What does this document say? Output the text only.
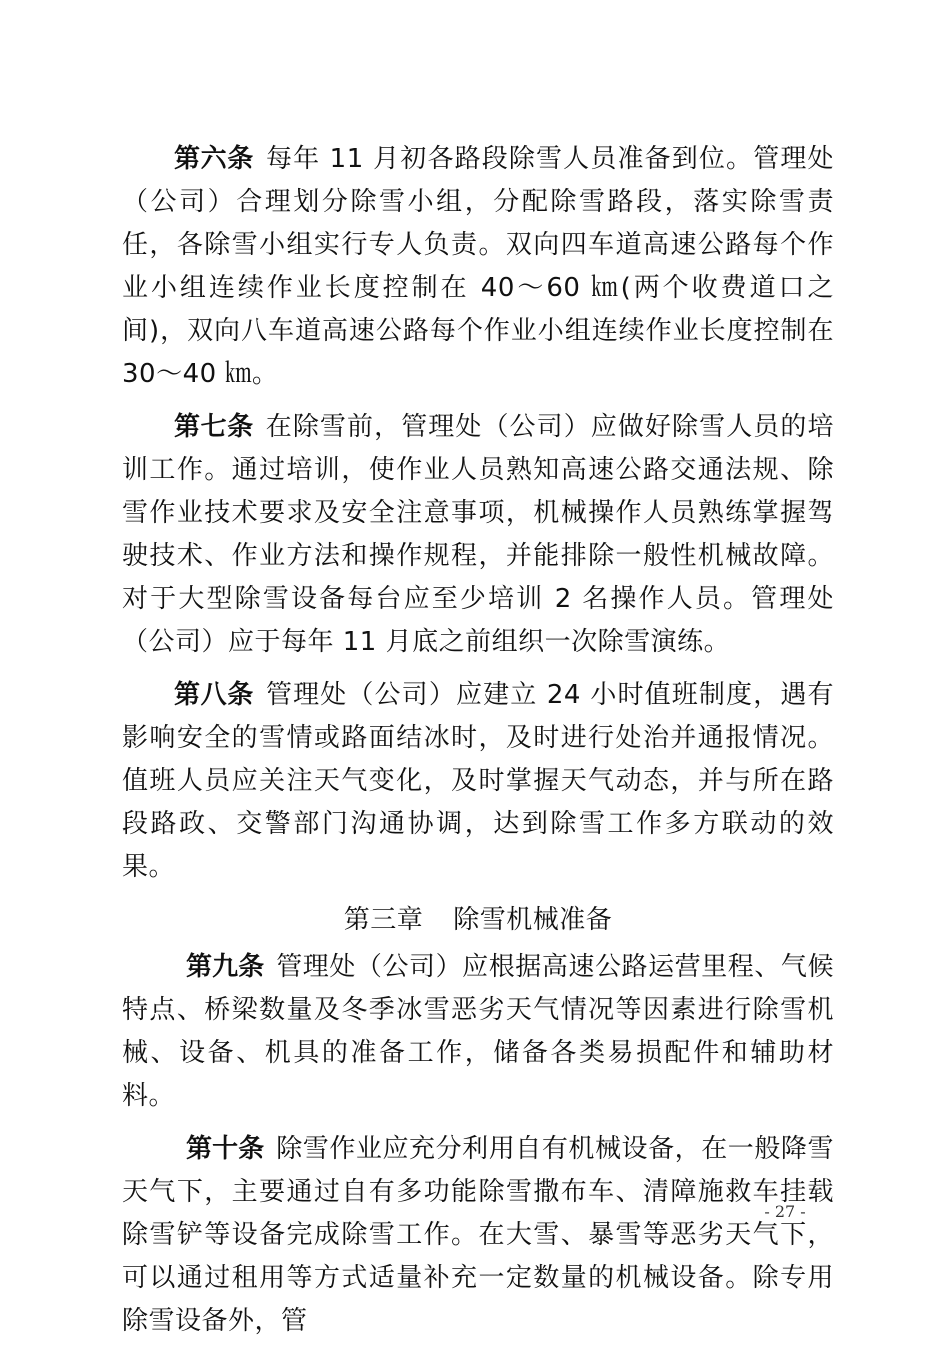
第六条 每年 11 月初各路段除雪人员准备到位。管理处（公司）合理划分除雪小组，分配除雪路段，落实除雪责任，各除雪小组实行专人负责。双向四车道高速公路每个作业小组连续作业长度控制在 40～60 ㎞(两个收费道口之间)，双向八车道高速公路每个作业小组连续作业长度控制在 30～40 ㎞。

第七条 在除雪前，管理处（公司）应做好除雪人员的培训工作。通过培训，使作业人员熟知高速公路交通法规、除雪作业技术要求及安全注意事项，机械操作人员熟练掌握驾驶技术、作业方法和操作规程，并能排除一般性机械故障。对于大型除雪设备每台应至少培训 2 名操作人员。管理处（公司）应于每年 11 月底之前组织一次除雪演练。

第八条 管理处（公司）应建立 24 小时值班制度，遇有影响安全的雪情或路面结冰时，及时进行处治并通报情况。值班人员应关注天气变化，及时掌握天气动态，并与所在路段路政、交警部门沟通协调，达到除雪工作多方联动的效果。

第三章 除雪机械准备

第九条 管理处（公司）应根据高速公路运营里程、气候特点、桥梁数量及冬季冰雪恶劣天气情况等因素进行除雪机械、设备、机具的准备工作，储备各类易损配件和辅助材料。

第十条 除雪作业应充分利用自有机械设备，在一般降雪天气下，主要通过自有多功能除雪撒布车、清障施救车挂载除雪铲等设备完成除雪工作。在大雪、暴雪等恶劣天气下，可以通过租用等方式适量补充一定数量的机械设备。除专用除雪设备外，管

- 27 -
